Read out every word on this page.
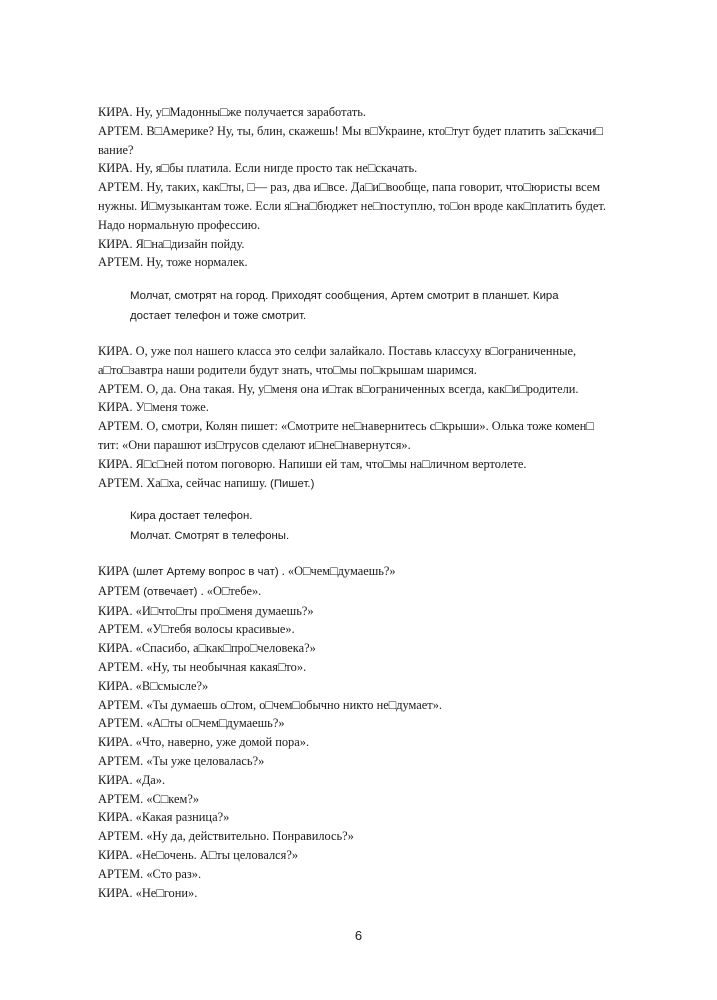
КИРА. Ну, у□Мадонны□же получается заработать.

АРТЕМ. В□Америке? Ну, ты, блин, скажешь! Мы в□Украине, кто□тут будет платить за□скачи□

вание?

КИРА. Ну, я□бы платила. Если нигде просто так не□скачать.

АРТЕМ. Ну, таких, как□ты, □— раз, два и□все. Да□и□вообще, папа говорит, что□юристы всем

нужны. И□музыкантам тоже. Если я□на□бюджет не□поступлю, то□он вроде как□платить будет.

Надо нормальную профессию.

КИРА. Я□на□дизайн пойду.

АРТЕМ. Ну, тоже нормалек.

Молчат, смотрят на город. Приходят сообщения, Артем смотрит в планшет. Кира

достает телефон и тоже смотрит.

КИРА. О, уже пол нашего класса это селфи залайкало. Поставь классуху в□ограниченные,

а□то□завтра наши родители будут знать, что□мы по□крышам шаримся.

АРТЕМ. О, да. Она такая. Ну, у□меня она и□так в□ограниченных всегда, как□и□родители.

КИРА. У□меня тоже.

АРТЕМ. О, смотри, Колян пишет: «Смотрите не□навернитесь с□крыши». Олька тоже комен□

тит: «Они парашют из□трусов сделают и□не□навернутся».

КИРА. Я□с□ней потом поговорю. Напиши ей там, что□мы на□личном вертолете.

АРТЕМ. Ха□ха, сейчас напишу. (Пишет.)

Кира достает телефон.

Молчат. Смотрят в телефоны.

КИРА (шлет Артему вопрос в чат) . «О□чем□думаешь?»

АРТЕМ (отвечает) . «О□тебе».

КИРА. «И□что□ты про□меня думаешь?»

АРТЕМ. «У□тебя волосы красивые».

КИРА. «Спасибо, а□как□про□человека?»

АРТЕМ. «Ну, ты необычная какая□то».

КИРА. «В□смысле?»

АРТЕМ. «Ты думаешь о□том, о□чем□обычно никто не□думает».

АРТЕМ. «А□ты о□чем□думаешь?»

КИРА. «Что, наверно, уже домой пора».

АРТЕМ. «Ты уже целовалась?»

КИРА. «Да».

АРТЕМ. «С□кем?»

КИРА. «Какая разница?»

АРТЕМ. «Ну да, действительно. Понравилось?»

КИРА. «Не□очень. А□ты целовался?»

АРТЕМ. «Сто раз».

КИРА. «Не□гони».

6
